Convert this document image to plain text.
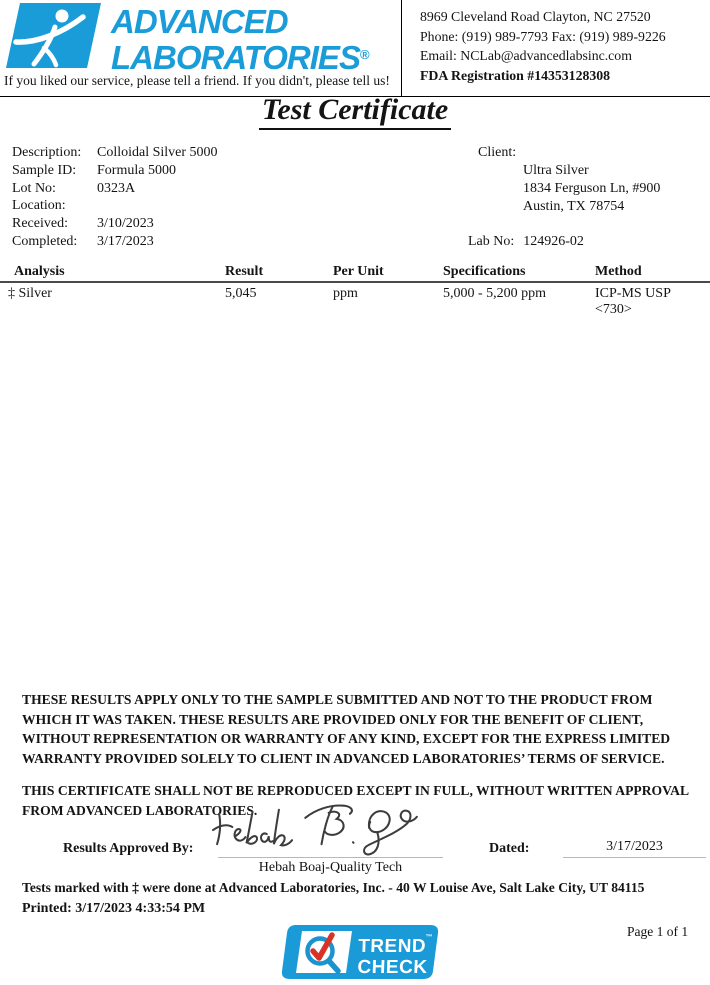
ADVANCED
LABORATORIES®
If you liked our service, please tell a friend. If you didn't, please tell us!
8969 Cleveland Road Clayton, NC 27520
Phone: (919) 989-7793 Fax: (919) 989-9226
Email: NCLab@advancedlabsinc.com
FDA Registration #14353128308
Test Certificate
Description: Colloidal Silver 5000
Sample ID: Formula 5000
Lot No:	0323A
Location:
Received: 3/10/2023
Completed: 3/17/2023
Client:
Ultra Silver
1834 Ferguson Ln, #900
Austin, TX 78754
Lab No: 124926-02
Analysis	Result	Per Unit	Specifications	Method
‡ Silver	5,045	ppm	5,000 - 5,200 ppm	ICP-MS USP <730>

THESE RESULTS APPLY ONLY TO THE SAMPLE SUBMITTED AND NOT TO THE PRODUCT FROM WHICH IT WAS TAKEN. THESE RESULTS ARE PROVIDED ONLY FOR THE BENEFIT OF CLIENT, WITHOUT REPRESENTATION OR WARRANTY OF ANY KIND, EXCEPT FOR THE EXPRESS LIMITED WARRANTY PROVIDED SOLELY TO CLIENT IN ADVANCED LABORATORIES’ TERMS OF SERVICE.

THIS CERTIFICATE SHALL NOT BE REPRODUCED EXCEPT IN FULL, WITHOUT WRITTEN APPROVAL FROM ADVANCED LABORATORIES.

Results Approved By:
Hebah Boaj-Quality Tech
Dated:	3/17/2023
Tests marked with ‡ were done at Advanced Laboratories, Inc. - 40 W Louise Ave, Salt Lake City, UT 84115
Printed: 3/17/2023 4:33:54 PM
Page 1 of 1
TREND
™
CHECK
